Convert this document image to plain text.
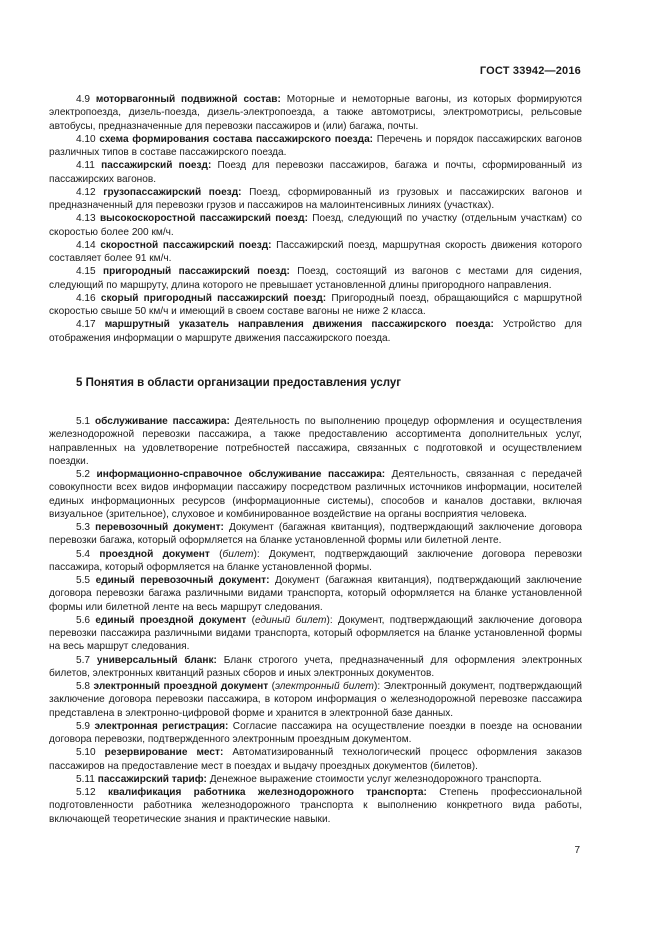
ГОСТ 33942—2016

4.9 моторвагонный подвижной состав: Моторные и немоторные вагоны, из которых формируются электропоезда, дизель-поезда, дизель-электропоезда, а также автомотрисы, электромотрисы, рельсовые автобусы, предназначенные для перевозки пассажиров и (или) багажа, почты.

4.10 схема формирования состава пассажирского поезда: Перечень и порядок пассажирских вагонов различных типов в составе пассажирского поезда.

4.11 пассажирский поезд: Поезд для перевозки пассажиров, багажа и почты, сформированный из пассажирских вагонов.

4.12 грузопассажирский поезд: Поезд, сформированный из грузовых и пассажирских вагонов и предназначенный для перевозки грузов и пассажиров на малоинтенсивных линиях (участках).

4.13 высокоскоростной пассажирский поезд: Поезд, следующий по участку (отдельным участкам) со скоростью более 200 км/ч.

4.14 скоростной пассажирский поезд: Пассажирский поезд, маршрутная скорость движения которого составляет более 91 км/ч.

4.15 пригородный пассажирский поезд: Поезд, состоящий из вагонов с местами для сидения, следующий по маршруту, длина которого не превышает установленной длины пригородного направления.

4.16 скорый пригородный пассажирский поезд: Пригородный поезд, обращающийся с маршрутной скоростью свыше 50 км/ч и имеющий в своем составе вагоны не ниже 2 класса.

4.17 маршрутный указатель направления движения пассажирского поезда: Устройство для отображения информации о маршруте движения пассажирского поезда.

5 Понятия в области организации предоставления услуг

5.1 обслуживание пассажира: Деятельность по выполнению процедур оформления и осуществления железнодорожной перевозки пассажира, а также предоставлению ассортимента дополнительных услуг, направленных на удовлетворение потребностей пассажира, связанных с подготовкой и осуществлением поездки.

5.2 информационно-справочное обслуживание пассажира: Деятельность, связанная с передачей совокупности всех видов информации пассажиру посредством различных источников информации, носителей единых информационных ресурсов (информационные системы), способов и каналов доставки, включая визуальное (зрительное), слуховое и комбинированное воздействие на органы восприятия человека.

5.3 перевозочный документ: Документ (багажная квитанция), подтверждающий заключение договора перевозки багажа, который оформляется на бланке установленной формы или билетной ленте.

5.4 проездной документ (билет): Документ, подтверждающий заключение договора перевозки пассажира, который оформляется на бланке установленной формы.

5.5 единый перевозочный документ: Документ (багажная квитанция), подтверждающий заключение договора перевозки багажа различными видами транспорта, который оформляется на бланке установленной формы или билетной ленте на весь маршрут следования.

5.6 единый проездной документ (единый билет): Документ, подтверждающий заключение договора перевозки пассажира различными видами транспорта, который оформляется на бланке установленной формы на весь маршрут следования.

5.7 универсальный бланк: Бланк строгого учета, предназначенный для оформления электронных билетов, электронных квитанций разных сборов и иных электронных документов.

5.8 электронный проездной документ (электронный билет): Электронный документ, подтверждающий заключение договора перевозки пассажира, в котором информация о железнодорожной перевозке пассажира представлена в электронно-цифровой форме и хранится в электронной базе данных.

5.9 электронная регистрация: Согласие пассажира на осуществление поездки в поезде на основании договора перевозки, подтвержденного электронным проездным документом.

5.10 резервирование мест: Автоматизированный технологический процесс оформления заказов пассажиров на предоставление мест в поездах и выдачу проездных документов (билетов).

5.11 пассажирский тариф: Денежное выражение стоимости услуг железнодорожного транспорта.

5.12 квалификация работника железнодорожного транспорта: Степень профессиональной подготовленности работника железнодорожного транспорта к выполнению конкретного вида работы, включающей теоретические знания и практические навыки.

7
